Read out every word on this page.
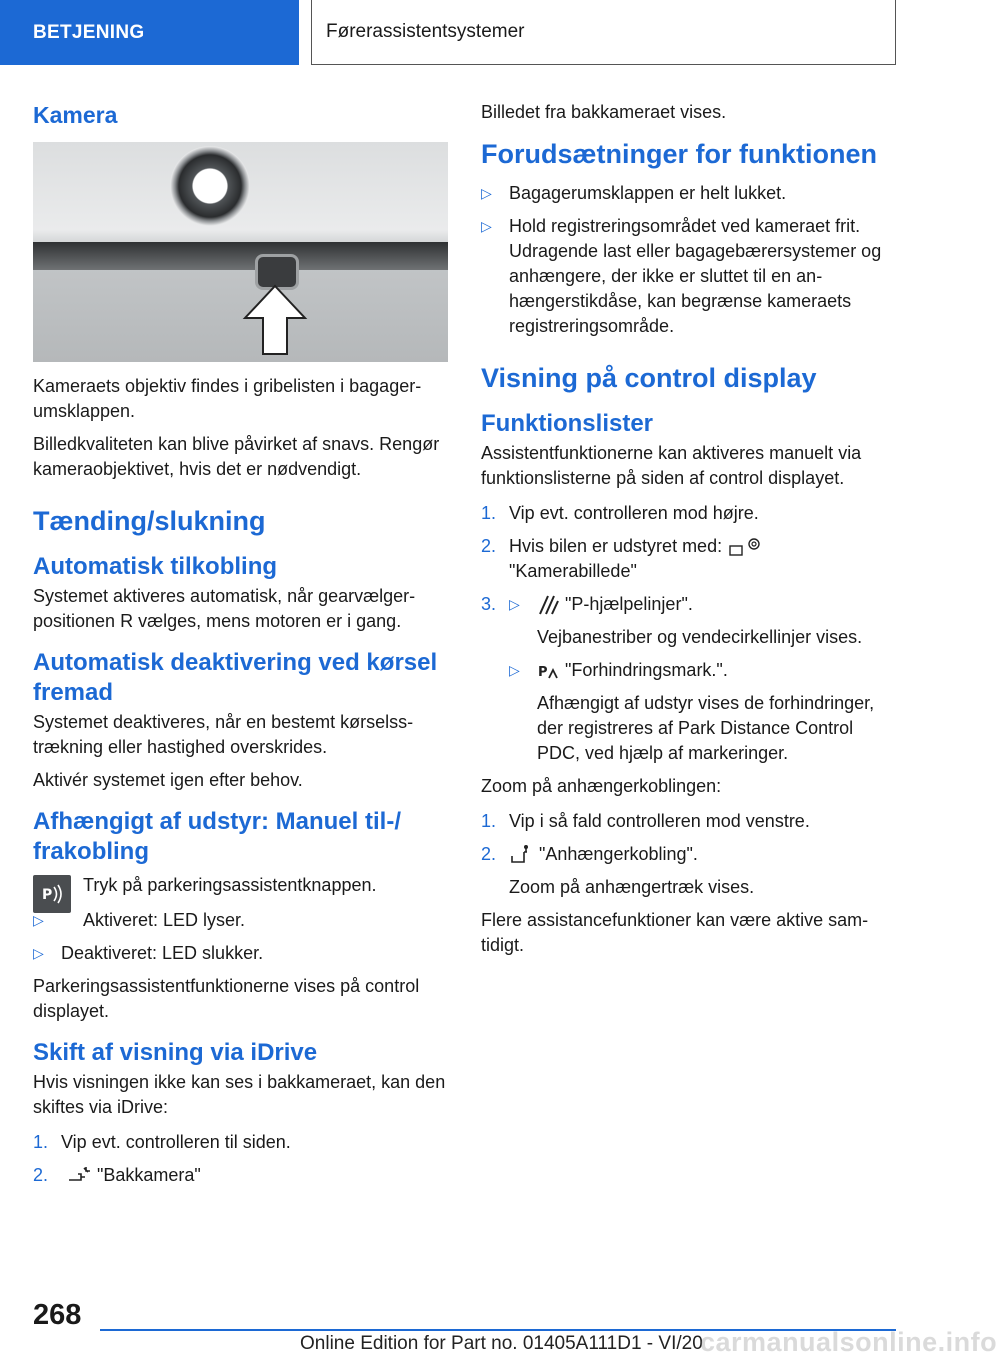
BETJENING	Førerassistentsystemer
Kamera

Kameraets objektiv findes i gribelisten i bagagerumsklappen.

Billedkvaliteten kan blive påvirket af snavs. Rengør kameraobjektivet, hvis det er nødvendigt.

Tænding/slukning
Automatisk tilkobling

Systemet aktiveres automatisk, når gearvælgerpositionen R vælges, mens motoren er i gang.

Automatisk deaktivering ved kørsel fremad

Systemet deaktiveres, når en bestemt kørselsstrækning eller hastighed overskrides.

Aktivér systemet igen efter behov.

Afhængigt af udstyr: Manuel til-/ frakobling
P Tryk på parkeringsassistentknappen.
▷ Aktiveret: LED lyser.
▷ Deaktiveret: LED slukker.

Parkeringsassistentfunktionerne vises på control displayet.

Skift af visning via iDrive

Hvis visningen ikke kan ses i bakkameraet, kan den skiftes via iDrive:

1. Vip evt. controlleren til siden.
2.	"Bakkamera"

Billedet fra bakkameraet vises.

Forudsætninger for funktionen
▷ Bagagerumsklappen er helt lukket.
▷ Hold registreringsområdet ved kameraet frit. Udragende last eller bagagebærersystemer og anhængere, der ikke er sluttet til en anhængerstikdåse, kan begrænse kameraets registreringsområde.
Visning på control display
Funktionslister

Assistentfunktionerne kan aktiveres manuelt via funktionslisterne på siden af control displayet.

1. Vip evt. controlleren mod højre.
2. Hvis bilen er udstyret med:
"Kamerabillede"
3. ▷	"P-hjælpelinjer".
Vejbanestriber og vendecirkellinjer vises.
▷ P "Forhindringsmark.".
Afhængigt af udstyr vises de forhindringer, der registreres af Park Distance Control PDC, ved hjælp af markeringer.

Zoom på anhængerkoblingen:

1. Vip i så fald controlleren mod venstre.
2. "Anhængerkobling".
Zoom på anhængertræk vises.

Flere assistancefunktioner kan være aktive samtidigt.

268
Online Edition for Part no. 01405A111D1 - VI/20
carmanualsonline.info
